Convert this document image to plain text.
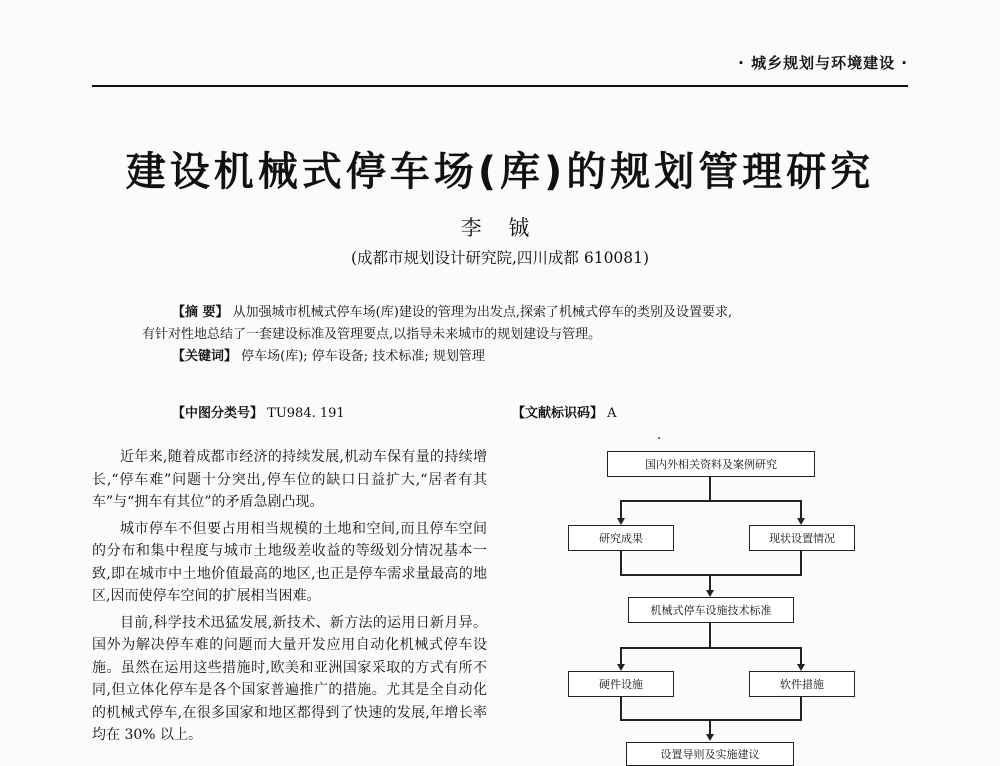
· 城乡规划与环境建设 ·
建设机械式停车场(库)的规划管理研究
李 铖
(成都市规划设计研究院,四川成都 610081)
【摘 要】 从加强城市机械式停车场(库)建设的管理为出发点,探索了机械式停车的类别及设置要求,
有针对性地总结了一套建设标准及管理要点,以指导未来城市的规划建设与管理。
【关键词】 停车场(库); 停车设备; 技术标准; 规划管理
【中图分类号】 TU984. 191	【文献标识码】 A

近年来,随着成都市经济的持续发展,机动车保有量的持续增长,“停车难”问题十分突出,停车位的缺口日益扩大,“居者有其车”与“拥车有其位”的矛盾急剧凸现。

城市停车不但要占用相当规模的土地和空间,而且停车空间的分布和集中程度与城市土地级差收益的等级划分情况基本一致,即在城市中土地价值最高的地区,也正是停车需求量最高的地区,因而使停车空间的扩展相当困难。

目前,科学技术迅猛发展,新技术、新方法的运用日新月异。国外为解决停车难的问题而大量开发应用自动化机械式停车设施。虽然在运用这些措施时,欧美和亚洲国家采取的方式有所不同,但立体化停车是各个国家普遍推广的措施。尤其是全自动化的机械式停车,在很多国家和地区都得到了快速的发展,年增长率均在 30% 以上。

国内外相关资料及案例研究
研究成果	现状设置情况
机械式停车设施技术标准
硬件设施	软件措施
设置导则及实施建议
